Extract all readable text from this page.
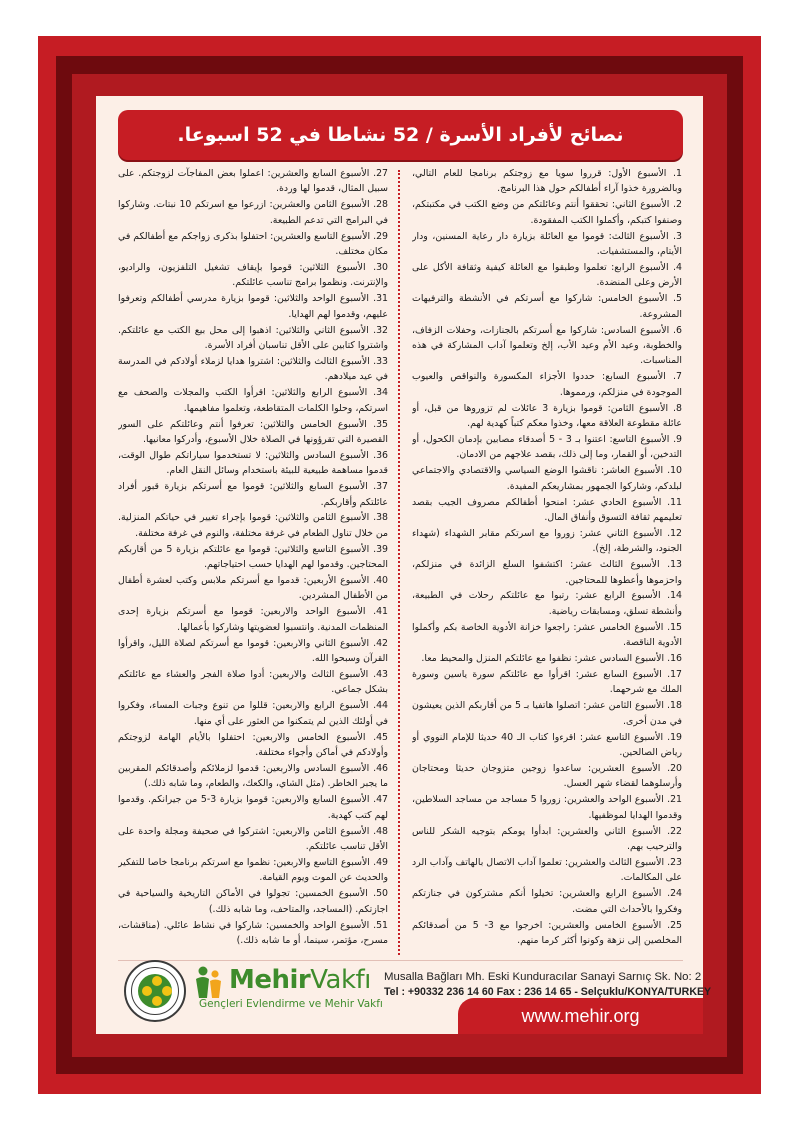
نصائح لأفراد الأسرة / 52 نشاطا في 52 اسبوعا.

1. الأسبوع الأول: قرروا سويا مع زوجتكم برنامجا للعام التالي، وبالضرورة خذوا آراء أطفالكم حول هذا البرنامج.

2. الأسبوع الثاني: تحققوا أنتم وعائلتكم من وضع الكتب في مكتبتكم، وصنفوا كتبكم، وأكملوا الكتب المفقودة.

3. الأسبوع الثالث: قوموا مع العائلة بزيارة دار رعاية المسنين، ودار الأيتام، والمستشفيات.

4. الأسبوع الرابع: تعلموا وطبقوا مع العائلة كيفية وثقافة الأكل على الأرض وعلى المنضدة.

5. الأسبوع الخامس: شاركوا مع أسرتكم في الأنشطة والترفيهات المشروعة.

6. الأسبوع السادس: شاركوا مع أسرتكم بالجنازات، وحفلات الزفاف، والخطوبة، وعيد الأم وعيد الأب، إلخ وتعلموا آداب المشاركة في هذه المناسبات.

7. الأسبوع السابع: حددوا الأجزاء المكسورة والنواقص والعيوب الموجودة في منزلكم، ورمموها.

8. الأسبوع الثامن: قوموا بزيارة 3 عائلات لم تزوروها من قبل، أو عائلة مقطوعة العلاقة معها، وخذوا معكم كتباً كهدية لهم.

9. الأسبوع التاسع: اعتنوا بـ 3 - 5 أصدقاء مصابين بإدمان الكحول، أو التدخين، أو القمار، وما إلى ذلك، بقصد علاجهم من الادمان.

10. الأسبوع العاشر: ناقشوا الوضع السياسي والاقتصادي والاجتماعي لبلدكم، وشاركوا الجمهور بمشاريعكم المفيدة.

11. الأسبوع الحادي عشر: امنحوا أطفالكم مصروف الجيب بقصد تعليمهم ثقافة التسوق وأنفاق المال.

12. الأسبوع الثاني عشر: زوروا مع اسرتكم مقابر الشهداء (شهداء الجنود، والشرطة، إلخ).

13. الأسبوع الثالث عشر: اكتشفوا السلع الزائدة في منزلكم، واحزموها وأعطوها للمحتاجين.

14. الأسبوع الرابع عشر: رتبوا مع عائلتكم رحلات في الطبيعة، وأنشطة تسلق، ومسابقات رياضية.

15. الأسبوع الخامس عشر: راجعوا خزانة الأدوية الخاصة بكم وأكملوا الأدوية الناقصة.

16. الأسبوع السادس عشر: نظفوا مع عائلتكم المنزل والمحيط معا.

17. الأسبوع السابع عشر: اقرأوا مع عائلتكم سورة ياسين وسورة الملك مع شرحهما.

18. الأسبوع الثامن عشر: اتصلوا هاتفيا بـ 5 من أقاربكم الذين يعيشون في مدن أخرى.

19. الأسبوع التاسع عشر: اقرءوا كتاب الـ 40 حديثا للإمام النووي أو رياض الصالحين.

20. الأسبوع العشرين: ساعدوا زوجين متزوجان حديثا ومحتاجان وأرسلوهما لقضاء شهر العسل.

21. الأسبوع الواحد والعشرين: زوروا 5 مساجد من مساجد السلاطين، وقدموا الهدايا لموظفيها.

22. الأسبوع الثاني والعشرين: ابدأوا يومكم بتوجيه الشكر للناس والترحيب بهم.

23. الأسبوع الثالث والعشرين: تعلموا آداب الاتصال بالهاتف وآداب الرد على المكالمات.

24. الأسبوع الرابع والعشرين: تخيلوا أنكم مشتركون في جنازتكم وفكروا بالأحداث التي مضت.

25. الأسبوع الخامس والعشرين: اخرجوا مع 3- 5 من أصدقائكم المخلصين إلى نزهة وكونوا أكثر كرما منهم.

27. الأسبوع السابع والعشرين: اعملوا بعض المفاجآت لزوجتكم. على سبيل المثال، قدموا لها وردة.

28. الأسبوع الثامن والعشرين: ازرعوا مع اسرتكم 10 نبتات. وشاركوا في البرامج التي تدعم الطبيعة.

29. الأسبوع التاسع والعشرين: احتفلوا بذكرى زواجكم مع أطفالكم في مكان مختلف.

30. الأسبوع الثلاثين: قوموا بإيقاف تشغيل التلفزيون، والراديو، والإنترنت. ونظموا برامج تناسب عائلتكم.

31. الأسبوع الواحد والثلاثين: قوموا بزيارة مدرسي أطفالكم وتعرفوا عليهم، وقدموا لهم الهدايا.

32. الأسبوع الثاني والثلاثين: اذهبوا إلى محل بيع الكتب مع عائلتكم. واشتروا كتابين على الأقل تناسبان أفراد الأسرة.

33. الأسبوع الثالث والثلاثين: اشتروا هدايا لزملاء أولادكم في المدرسة في عيد ميلادهم.

34. الأسبوع الرابع والثلاثين: اقرأوا الكتب والمجلات والصحف مع اسرتكم، وحلوا الكلمات المتقاطعة، وتعلموا مفاهيمها.

35. الأسبوع الخامس والثلاثين: تعرفوا أنتم وعائلتكم على السور القصيرة التي تقرؤونها في الصلاة خلال الأسبوع، وأدركوا معانيها.

36. الأسبوع السادس والثلاثين: لا تستخدموا سياراتكم طوال الوقت، قدموا مساهمة طبيعية للبيئة باستخدام وسائل النقل العام.

37. الأسبوع السابع والثلاثين: قوموا مع أسرتكم بزيارة قبور أفراد عائلتكم وأقاربكم.

38. الأسبوع الثامن والثلاثين: قوموا بإجراء تغيير في حياتكم المنزلية. من خلال تناول الطعام في غرفة مختلفة، والنوم في غرفة مختلفة.

39. الأسبوع التاسع والثلاثين: قوموا مع عائلتكم بزيارة 5 من أقاربكم المحتاجين. وقدموا لهم الهدايا حسب احتياجاتهم.

40. الأسبوع الأربعين: قدموا مع أسرتكم ملابس وكتب لعشرة أطفال من الأطفال المشردين.

41. الأسبوع الواحد والاربعين: قوموا مع أسرتكم بزيارة إحدى المنظمات المدنية. وانتسبوا لعضويتها وشاركوا بأعمالها.

42. الأسبوع الثاني والاربعين: قوموا مع أسرتكم لصلاة الليل، واقرأوا القرآن وسبحوا الله.

43. الأسبوع الثالث والاربعين: أدوا صلاة الفجر والعشاء مع عائلتكم بشكل جماعي.

44. الأسبوع الرابع والاربعين: قللوا من تنوع وجبات المساء، وفكروا في أولئك الذين لم يتمكنوا من العثور على أي منها.

45. الأسبوع الخامس والاربعين: احتفلوا بالأيام الهامة لزوجتكم وأولادكم في أماكن وأجواء مختلفة.

46. الأسبوع السادس والاربعين: قدموا لزملائكم وأصدقائكم المقربين ما يجبر الخاطر. (مثل الشاي، والكعك، والطعام، وما شابه ذلك.)

47. الأسبوع السابع والاربعين: قوموا بزيارة 3-5 من جيرانكم. وقدموا لهم كتب كهدية.

48. الأسبوع الثامن والاربعين: اشتركوا في صحيفة ومجلة واحدة على الأقل تناسب عائلتكم.

49. الأسبوع التاسع والاربعين: نظموا مع اسرتكم برنامجا خاصا للتفكير والحديث عن الموت ويوم القيامة.

50. الأسبوع الخمسين: تجولوا في الأماكن التاريخية والسياحية في اجازتكم. (المساجد، والمتاحف، وما شابه ذلك.)

51. الأسبوع الواحد والخمسين: شاركوا في نشاط عائلي. (مناقشات، مسرح، مؤتمر، سينما، أو ما شابه ذلك.)

MehirVakfı
Gençleri Evlendirme ve Mehir Vakfı
Musalla Bağları Mh. Eski Kunduracılar Sanayi Sarnıç Sk. No: 2
Tel : +90332 236 14 60 Fax : 236 14 65 - Selçuklu/KONYA/TURKEY
www.mehir.org
